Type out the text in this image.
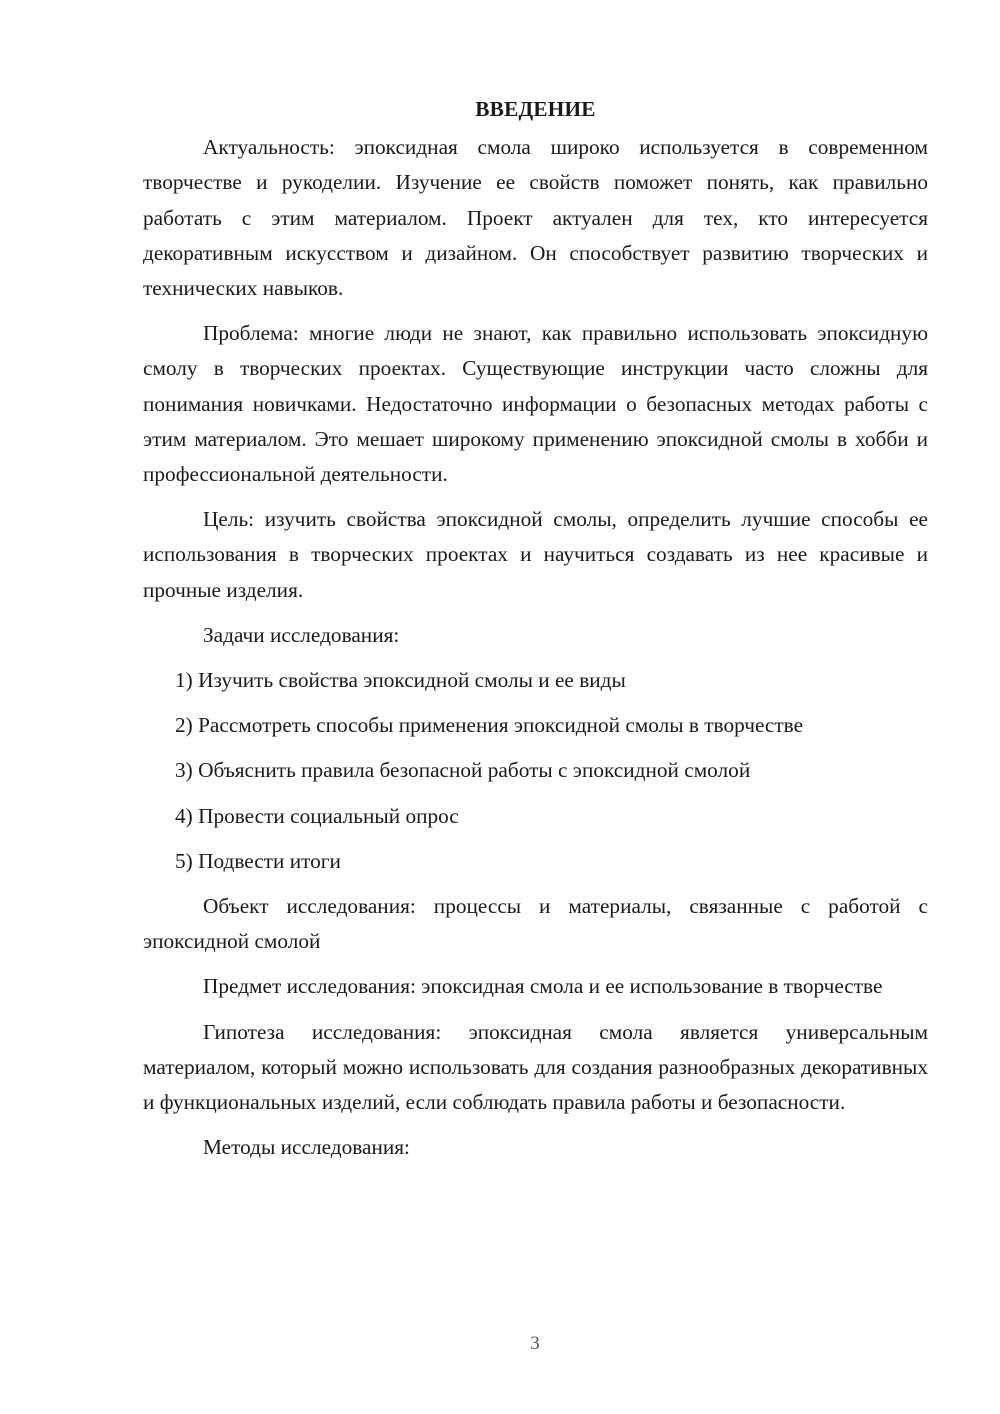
ВВЕДЕНИЕ

Актуальность: эпоксидная смола широко используется в современном творчестве и рукоделии. Изучение ее свойств поможет понять, как правильно работать с этим материалом. Проект актуален для тех, кто интересуется декоративным искусством и дизайном. Он способствует развитию творческих и технических навыков.

Проблема: многие люди не знают, как правильно использовать эпоксидную смолу в творческих проектах. Существующие инструкции часто сложны для понимания новичками. Недостаточно информации о безопасных методах работы с этим материалом. Это мешает широкому применению эпоксидной смолы в хобби и профессиональной деятельности.

Цель: изучить свойства эпоксидной смолы, определить лучшие способы ее использования в творческих проектах и научиться создавать из нее красивые и прочные изделия.

Задачи исследования:
1) Изучить свойства эпоксидной смолы и ее виды
2) Рассмотреть способы применения эпоксидной смолы в творчестве
3) Объяснить правила безопасной работы с эпоксидной смолой
4) Провести социальный опрос
5) Подвести итоги

Объект исследования: процессы и материалы, связанные с работой с эпоксидной смолой

Предмет исследования: эпоксидная смола и ее использование в творчестве

Гипотеза исследования: эпоксидная смола является универсальным материалом, который можно использовать для создания разнообразных декоративных и функциональных изделий, если соблюдать правила работы и безопасности.

Методы исследования:
3
